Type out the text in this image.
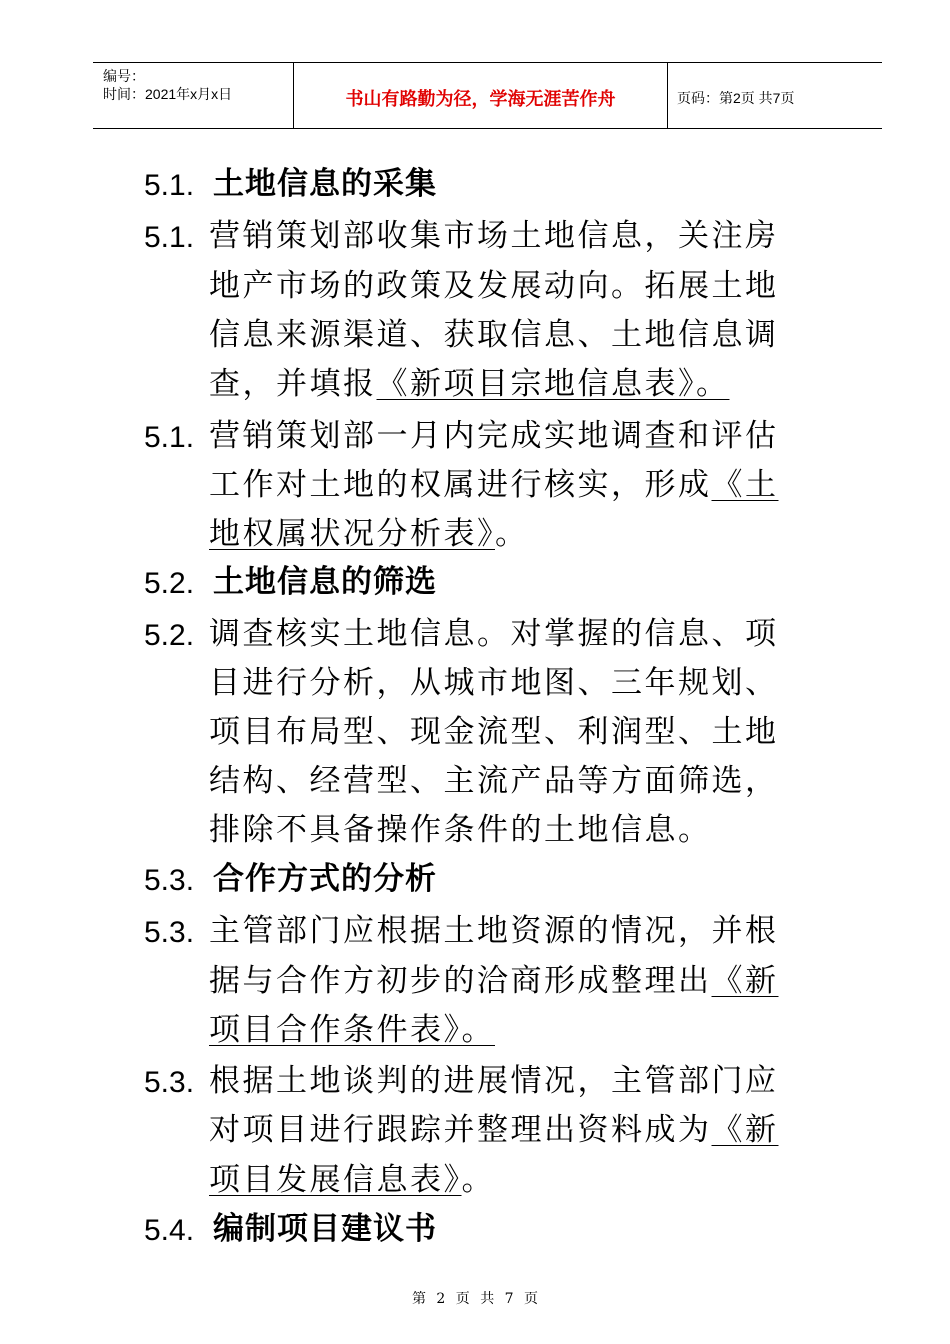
编号：
时间：2021年x月x日	书山有路勤为径，学海无涯苦作舟	页码：第2页 共7页
5.1. 土地信息的采集
5.1. 营销策划部收集市场土地信息，关注房
地产市场的政策及发展动向。拓展土地
信息来源渠道、获取信息、土地信息调
查，并填报《新项目宗地信息表》。
5.1. 营销策划部一月内完成实地调查和评估
工作对土地的权属进行核实，形成《土
地权属状况分析表》。
5.2. 土地信息的筛选
5.2. 调查核实土地信息。对掌握的信息、项
目进行分析，从城市地图、三年规划、
项目布局型、现金流型、利润型、土地
结构、经营型、主流产品等方面筛选，
排除不具备操作条件的土地信息。
5.3. 合作方式的分析
5.3. 主管部门应根据土地资源的情况，并根
据与合作方初步的洽商形成整理出《新
项目合作条件表》。
5.3. 根据土地谈判的进展情况，主管部门应
对项目进行跟踪并整理出资料成为《新
项目发展信息表》。
5.4. 编制项目建议书
第 2 页 共 7 页
